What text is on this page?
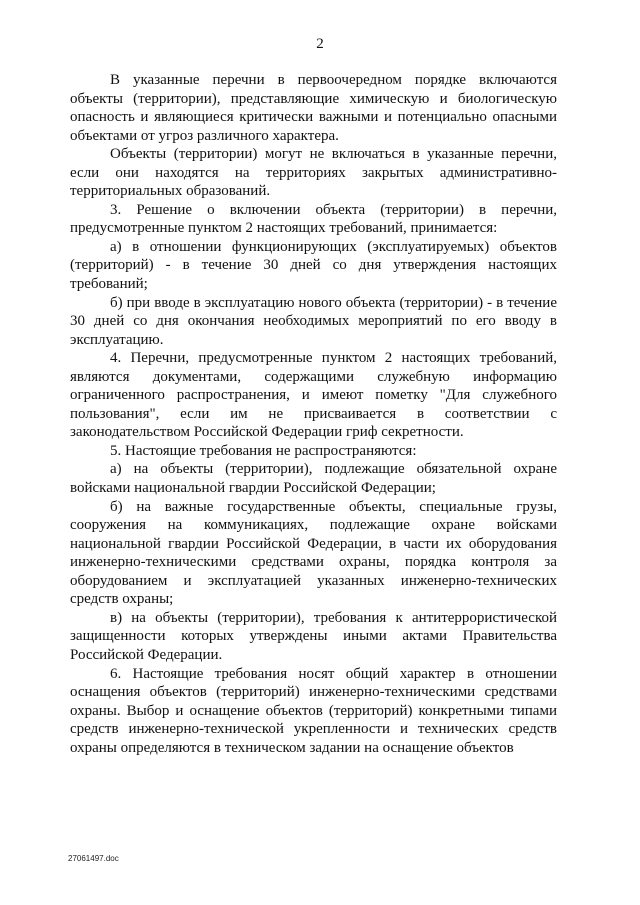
2

В указанные перечни в первоочередном порядке включаются объекты (территории), представляющие химическую и биологическую опасность и являющиеся критически важными и потенциально опасными объектами от угроз различного характера.

Объекты (территории) могут не включаться в указанные перечни, если они находятся на территориях закрытых административно-территориальных образований.

3. Решение о включении объекта (территории) в перечни, предусмотренные пунктом 2 настоящих требований, принимается:

а) в отношении функционирующих (эксплуатируемых) объектов (территорий) - в течение 30 дней со дня утверждения настоящих требований;

б) при вводе в эксплуатацию нового объекта (территории) - в течение 30 дней со дня окончания необходимых мероприятий по его вводу в эксплуатацию.

4. Перечни, предусмотренные пунктом 2 настоящих требований, являются документами, содержащими служебную информацию ограниченного распространения, и имеют пометку "Для служебного пользования", если им не присваивается в соответствии с законодательством Российской Федерации гриф секретности.

5. Настоящие требования не распространяются:

а) на объекты (территории), подлежащие обязательной охране войсками национальной гвардии Российской Федерации;

б) на важные государственные объекты, специальные грузы, сооружения на коммуникациях, подлежащие охране войсками национальной гвардии Российской Федерации, в части их оборудования инженерно-техническими средствами охраны, порядка контроля за оборудованием и эксплуатацией указанных инженерно-технических средств охраны;

в) на объекты (территории), требования к антитеррористической защищенности которых утверждены иными актами Правительства Российской Федерации.

6. Настоящие требования носят общий характер в отношении оснащения объектов (территорий) инженерно-техническими средствами охраны. Выбор и оснащение объектов (территорий) конкретными типами средств инженерно-технической укрепленности и технических средств охраны определяются в техническом задании на оснащение объектов

27061497.doc
